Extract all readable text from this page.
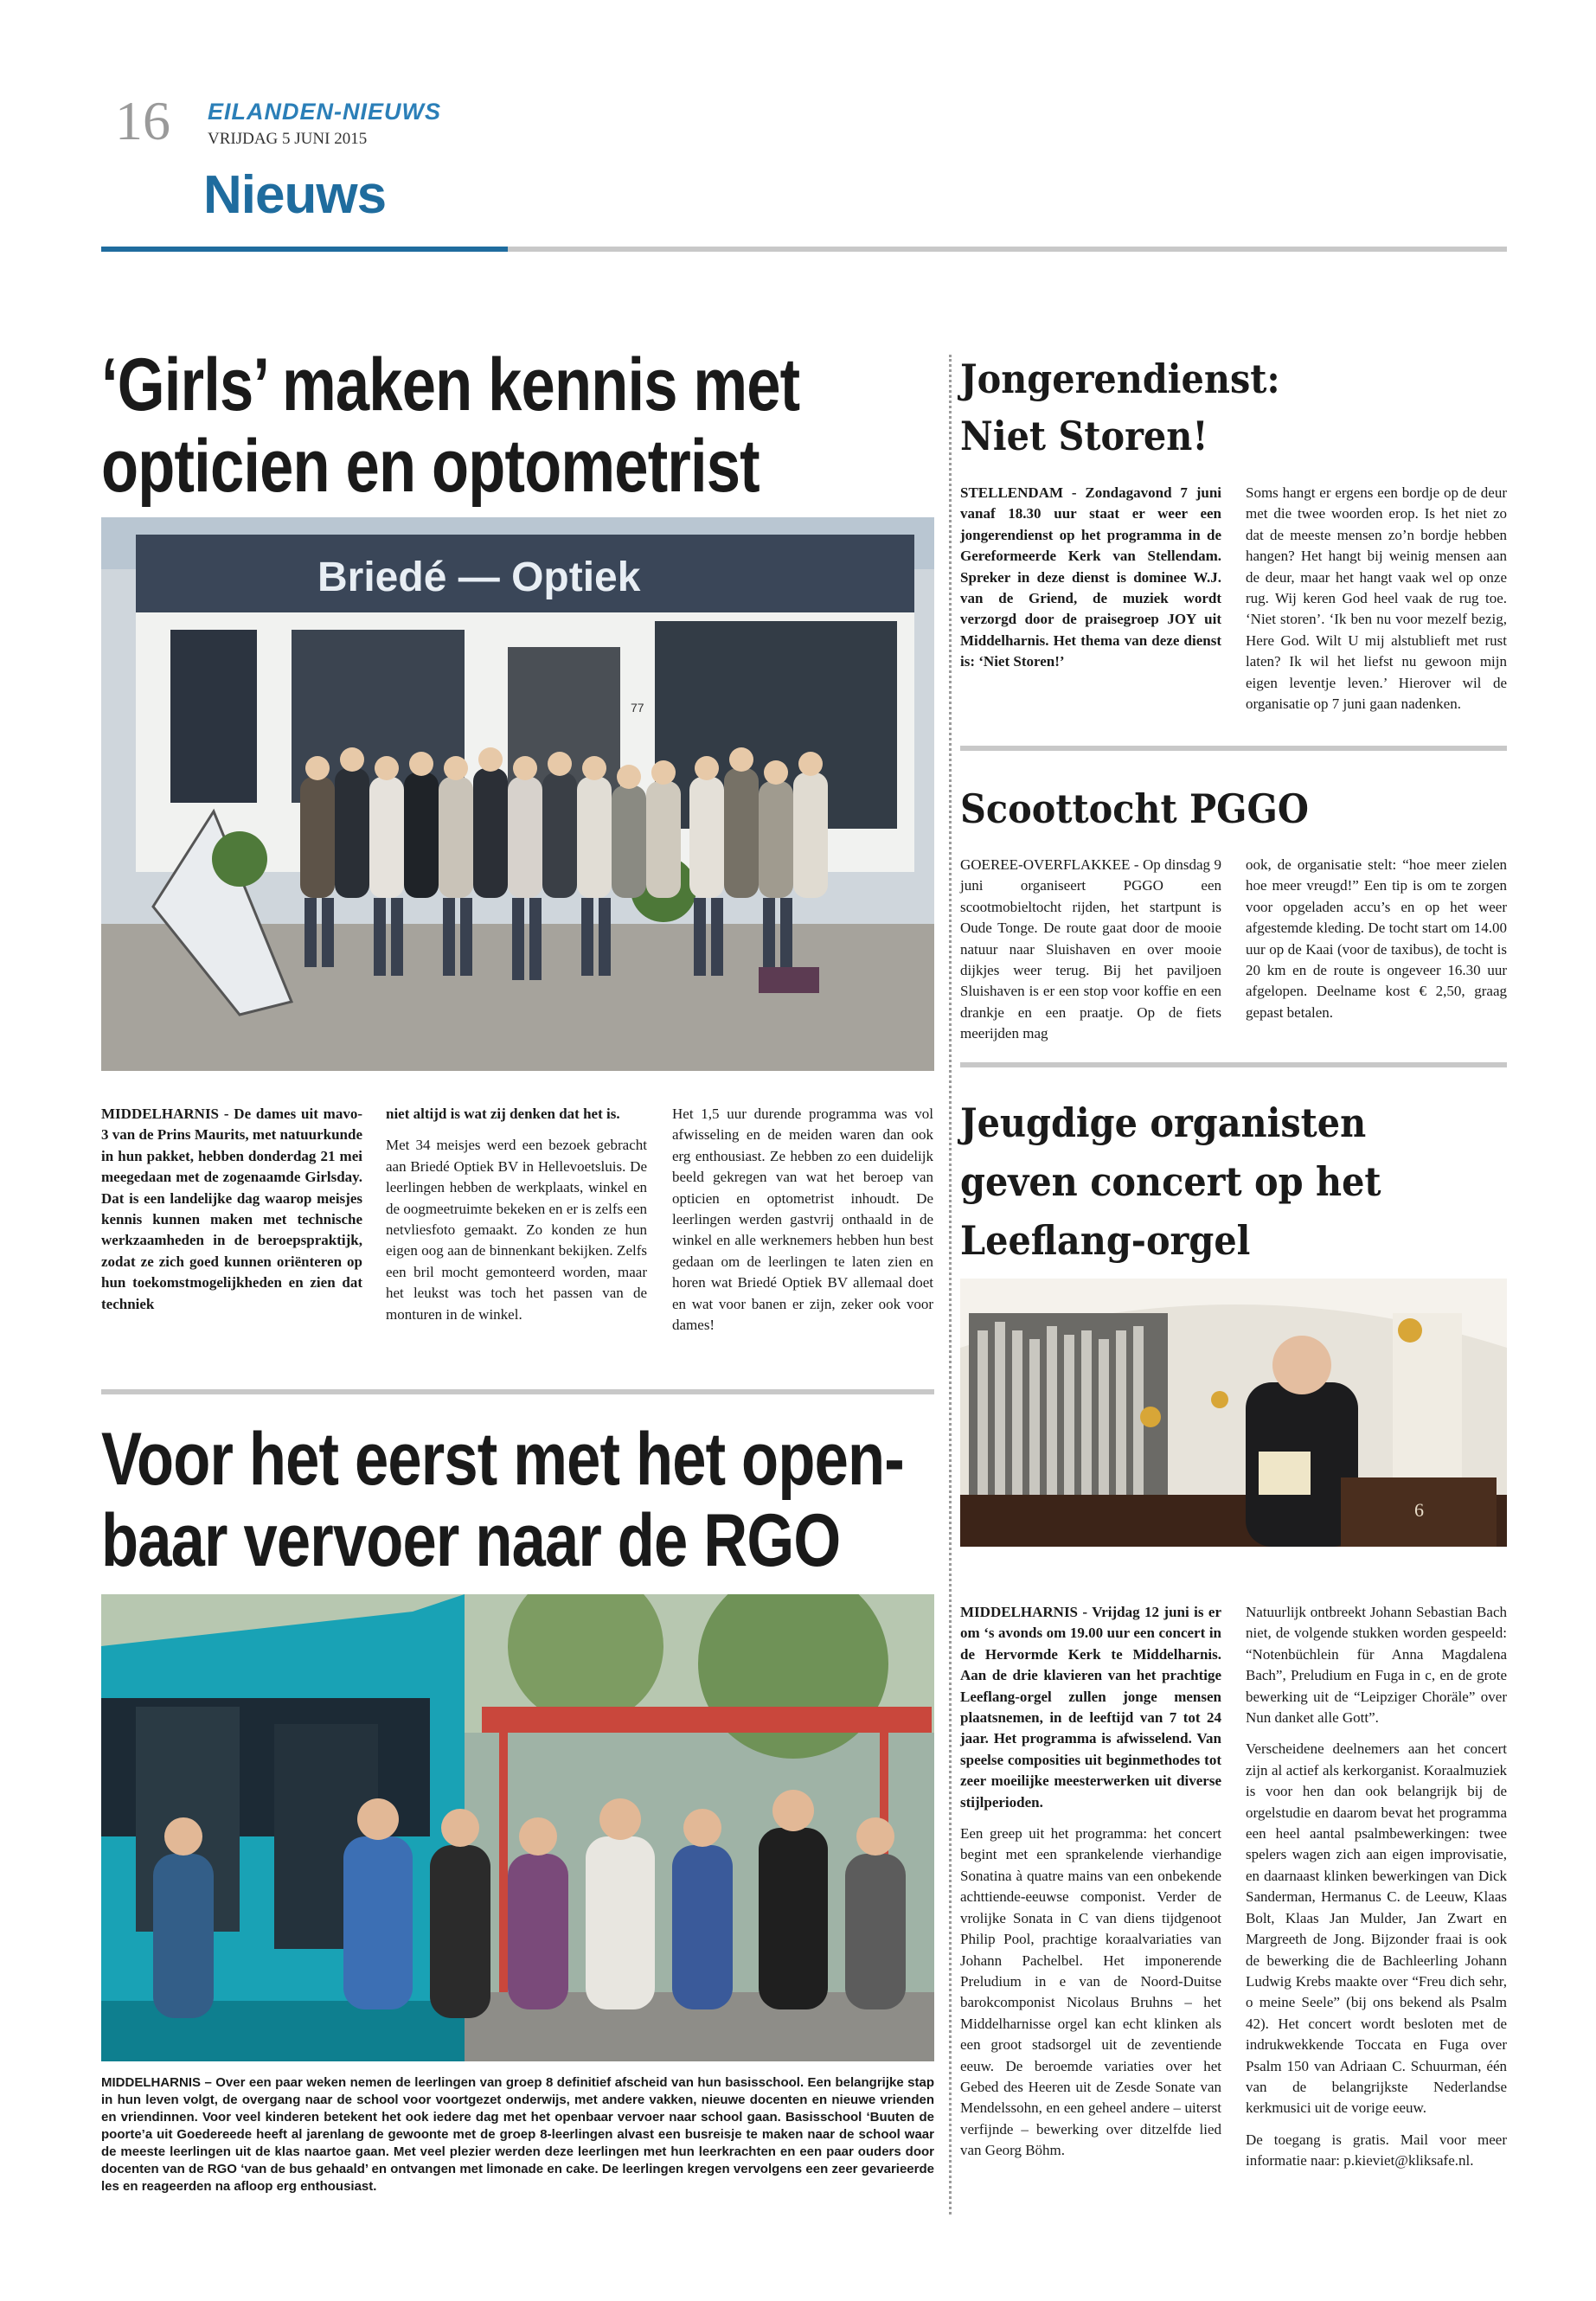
16 EILANDEN-NIEUWS
VRIJDAG 5 JUNI 2015
Nieuws
‘Girls’ maken kennis met
opticien en optometrist
Briedé — Optiek
77
MIDDELHARNIS - De dames uit mavo-3 van de Prins Maurits, met natuurkunde in hun pakket, hebben donderdag 21 mei meegedaan met de zogenaamde Girlsday. Dat is een landelijke dag waarop meisjes kennis kunnen maken met technische werkzaamheden in de beroepspraktijk, zodat ze zich goed kunnen oriënteren op hun toekomstmogelijkheden en zien dat techniek

niet altijd is wat zij denken dat het is.

Met 34 meisjes werd een bezoek gebracht aan Briedé Optiek BV in Hellevoetsluis. De leerlingen hebben de werkplaats, winkel en de oogmeetruimte bekeken en er is zelfs een netvliesfoto gemaakt. Zo konden ze hun eigen oog aan de binnenkant bekijken. Zelfs een bril mocht gemonteerd worden, maar het leukst was toch het passen van de monturen in de winkel.

Het 1,5 uur durende programma was vol afwisseling en de meiden waren dan ook erg enthousiast. Ze hebben zo een duidelijk beeld gekregen van wat het beroep van opticien en optometrist inhoudt. De leerlingen werden gastvrij onthaald in de winkel en alle werknemers hebben hun best gedaan om de leerlingen te laten zien en horen wat Briedé Optiek BV allemaal doet en wat voor banen er zijn, zeker ook voor dames!
Voor het eerst met het open-
baar vervoer naar de RGO
MIDDELHARNIS – Over een paar weken nemen de leerlingen van groep 8 definitief afscheid van hun basisschool. Een belangrijke stap in hun leven volgt, de overgang naar de school voor voortgezet onderwijs, met andere vakken, nieuwe docenten en nieuwe vrienden en vriendinnen. Voor veel kinderen betekent het ook iedere dag met het openbaar vervoer naar school gaan. Basisschool ‘Buuten de poorte’a uit Goedereede heeft al jarenlang de gewoonte met de groep 8-leerlingen alvast een busreisje te maken naar de school waar de meeste leerlingen uit de klas naartoe gaan. Met veel plezier werden deze leerlingen met hun leerkrachten en een paar ouders door docenten van de RGO ‘van de bus gehaald’ en ontvangen met limonade en cake. De leerlingen kregen vervolgens een zeer gevarieerde les en reageerden na afloop erg enthousiast.
Jongerendienst:
Niet Storen!
STELLENDAM - Zondagavond 7 juni vanaf 18.30 uur staat er weer een jongerendienst op het programma in de Gereformeerde Kerk van Stellendam. Spreker in deze dienst is dominee W.J. van de Griend, de muziek wordt verzorgd door de praisegroep JOY uit Middelharnis. Het thema van deze dienst is: ‘Niet Storen!’
Soms hangt er ergens een bordje op de deur met die twee woorden erop. Is het niet zo dat de meeste mensen zo’n bordje hebben hangen? Het hangt bij weinig mensen aan de deur, maar het hangt vaak wel op onze rug. Wij keren God heel vaak de rug toe. ‘Niet storen’. ‘Ik ben nu voor mezelf bezig, Here God. Wilt U mij alstublieft met rust laten? Ik wil het liefst nu gewoon mijn eigen leventje leven.’ Hierover wil de organisatie op 7 juni gaan nadenken.
Scoottocht PGGO
GOEREE-OVERFLAKKEE - Op dinsdag 9 juni organiseert PGGO een scootmobieltocht rijden, het startpunt is Oude Tonge. De route gaat door de mooie natuur naar Sluishaven en over mooie dijkjes weer terug. Bij het paviljoen Sluishaven is er een stop voor koffie en een drankje en een praatje. Op de fiets meerijden mag
ook, de organisatie stelt: “hoe meer zielen hoe meer vreugd!” Een tip is om te zorgen voor opgeladen accu’s en op het weer afgestemde kleding. De tocht start om 14.00 uur op de Kaai (voor de taxibus), de tocht is 20 km en de route is ongeveer 16.30 uur afgelopen. Deelname kost € 2,50, graag gepast betalen.
Jeugdige organisten
geven concert op het
Leeflang-orgel
6

MIDDELHARNIS - Vrijdag 12 juni is er om ‘s avonds om 19.00 uur een concert in de Hervormde Kerk te Middelharnis. Aan de drie klavieren van het prachtige Leeflang-orgel zullen jonge mensen plaatsnemen, in de leeftijd van 7 tot 24 jaar. Het programma is afwisselend. Van speelse composities uit beginmethodes tot zeer moeilijke meesterwerken uit diverse stijlperioden.

Een greep uit het programma: het concert begint met een sprankelende vierhandige Sonatina à quatre mains van een onbekende achttiende-eeuwse componist. Verder de vrolijke Sonata in C van diens tijdgenoot Philip Pool, prachtige koraalvariaties van Johann Pachelbel. Het imponerende Preludium in e van de Noord-Duitse barokcomponist Nicolaus Bruhns – het Middelharnisse orgel kan echt klinken als een groot stadsorgel uit de zeventiende eeuw. De beroemde variaties over het Gebed des Heeren uit de Zesde Sonate van Mendelssohn, en een geheel andere – uiterst verfijnde – bewerking over ditzelfde lied van Georg Böhm.

Natuurlijk ontbreekt Johann Sebastian Bach niet, de volgende stukken worden gespeeld: “Notenbüchlein für Anna Magdalena Bach”, Preludium en Fuga in c, en de grote bewerking uit de “Leipziger Choräle” over Nun danket alle Gott”.

Verscheidene deelnemers aan het concert zijn al actief als kerkorganist. Koraalmuziek is voor hen dan ook belangrijk bij de orgelstudie en daarom bevat het programma een heel aantal psalmbewerkingen: twee spelers wagen zich aan eigen improvisatie, en daarnaast klinken bewerkingen van Dick Sanderman, Hermanus C. de Leeuw, Klaas Bolt, Klaas Jan Mulder, Jan Zwart en Margreeth de Jong. Bijzonder fraai is ook de bewerking die de Bachleerling Johann Ludwig Krebs maakte over “Freu dich sehr, o meine Seele” (bij ons bekend als Psalm 42). Het concert wordt besloten met de indrukwekkende Toccata en Fuga over Psalm 150 van Adriaan C. Schuurman, één van de belangrijkste Nederlandse kerkmusici uit de vorige eeuw.

De toegang is gratis. Mail voor meer informatie naar: p.kieviet@kliksafe.nl.
